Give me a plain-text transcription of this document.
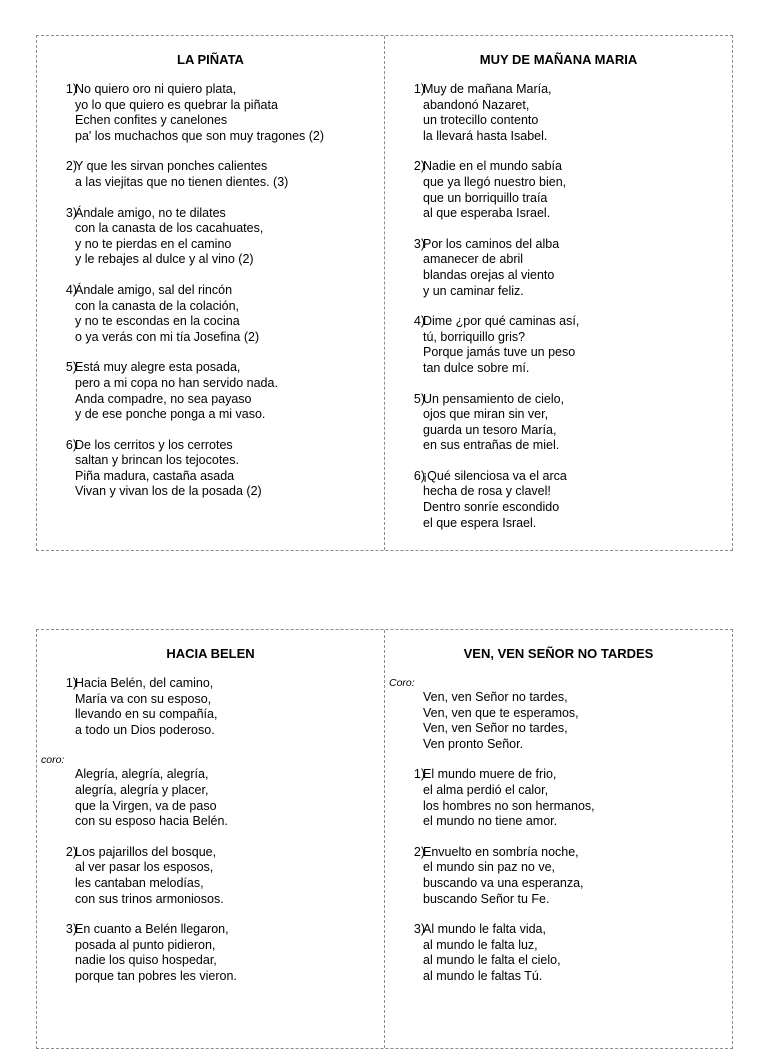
LA PIÑATA
1)
No quiero oro ni quiero plata,
yo lo que quiero es quebrar la piñata
Echen confites y canelones
pa' los muchachos que son muy tragones (2)
2)
Y que les sirvan ponches calientes
a las viejitas que no tienen dientes. (3)
3)
Ándale amigo, no te dilates
con la canasta de los cacahuates,
y no te pierdas en el camino
y le rebajes al dulce y al vino (2)
4)
Ándale amigo, sal del rincón
con la canasta de la colación,
y no te escondas en la cocina
o ya verás con mi tía Josefina (2)
5)
Está muy alegre esta posada,
pero a mi copa no han servido nada.
Anda compadre, no sea payaso
y de ese ponche ponga a mi vaso.
6)
De los cerritos y los cerrotes
saltan y brincan los tejocotes.
Piña madura, castaña asada
Vivan y vivan los de la posada (2)
MUY DE MAÑANA MARIA
1)
Muy de mañana María,
abandonó Nazaret,
un trotecillo contento
la llevará hasta Isabel.
2)
Nadie en el mundo sabía
que ya llegó nuestro bien,
que un borriquillo traía
al que esperaba Israel.
3)
Por los caminos del alba
amanecer de abril
blandas orejas al viento
y un caminar feliz.
4)
Dime ¿por qué caminas así,
tú, borriquillo gris?
Porque jamás tuve un peso
tan dulce sobre mí.
5)
Un pensamiento de cielo,
ojos que miran sin ver,
guarda un tesoro María,
en sus entrañas de miel.
6)
¡Qué silenciosa va el arca
hecha de rosa y clavel!
Dentro sonríe escondido
el que espera Israel.
HACIA BELEN
1)
Hacia Belén, del camino,
María va con su esposo,
llevando en su compañía,
a todo un Dios poderoso.
coro:
Alegría, alegría, alegría,
alegría, alegría y placer,
que la Virgen, va de paso
con su esposo hacia Belén.
2)
Los pajarillos del bosque,
al ver pasar los esposos,
les cantaban melodías,
con sus trinos armoniosos.
3)
En cuanto a Belén llegaron,
posada al punto pidieron,
nadie los quiso hospedar,
porque tan pobres les vieron.
VEN, VEN SEÑOR NO TARDES
Coro:
Ven, ven Señor no tardes,
Ven, ven que te esperamos,
Ven, ven Señor no tardes,
Ven pronto Señor.
1)
El mundo muere de frio,
el alma perdió el calor,
los hombres no son hermanos,
el mundo no tiene amor.
2)
Envuelto en sombría noche,
el mundo sin paz no ve,
buscando va una esperanza,
buscando Señor tu Fe.
3)
Al mundo le falta vida,
al mundo le falta luz,
al mundo le falta el cielo,
al mundo le faltas Tú.
